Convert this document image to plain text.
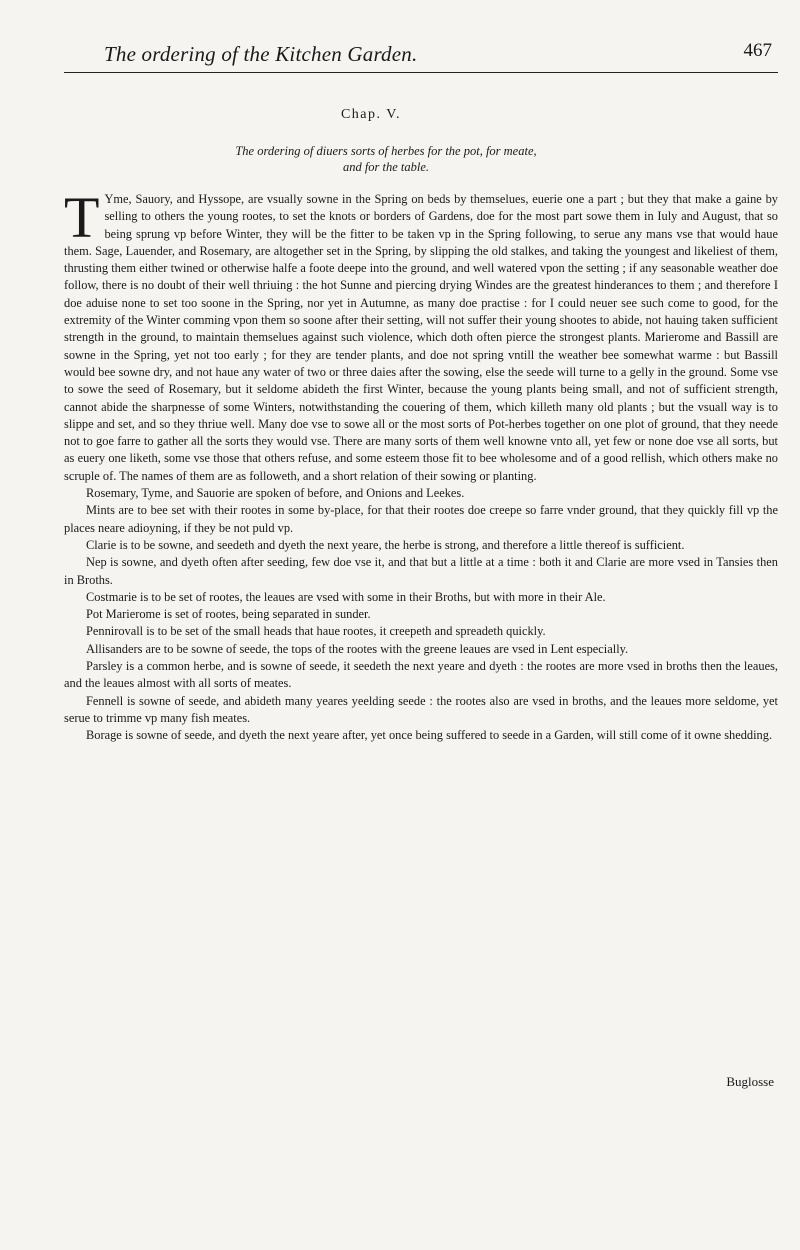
The ordering of the Kitchen Garden.	467
Chap. V.
The ordering of diuers sorts of herbes for the pot, for meate,
and for the table.

T Yme, Sauory, and Hyssope, are vsually sowne in the Spring on beds by themselues, euerie one a part ; but they that make a gaine by selling to others the young rootes, to set the knots or borders of Gardens, doe for the most part sowe them in Iuly and August, that so being sprung vp before Winter, they will be the fitter to be taken vp in the Spring following, to serue any mans vse that would haue them. Sage, Lauender, and Rosemary, are altogether set in the Spring, by slipping the old stalkes, and taking the youngest and likeliest of them, thrusting them either twined or otherwise halfe a foote deepe into the ground, and well watered vpon the setting ; if any seasonable weather doe follow, there is no doubt of their well thriuing : the hot Sunne and piercing drying Windes are the greatest hinderances to them ; and therefore I doe aduise none to set too soone in the Spring, nor yet in Autumne, as many doe practise : for I could neuer see such come to good, for the extremity of the Winter comming vpon them so soone after their setting, will not suffer their young shootes to abide, not hauing taken sufficient strength in the ground, to maintain themselues against such violence, which doth often pierce the strongest plants. Marierome and Bassill are sowne in the Spring, yet not too early ; for they are tender plants, and doe not spring vntill the weather bee somewhat warme : but Bassill would bee sowne dry, and not haue any water of two or three daies after the sowing, else the seede will turne to a gelly in the ground. Some vse to sowe the seed of Rosemary, but it seldome abideth the first Winter, because the young plants being small, and not of sufficient strength, cannot abide the sharpnesse of some Winters, notwithstanding the couering of them, which killeth many old plants ; but the vsuall way is to slippe and set, and so they thriue well. Many doe vse to sowe all or the most sorts of Pot-herbes together on one plot of ground, that they neede not to goe farre to gather all the sorts they would vse. There are many sorts of them well knowne vnto all, yet few or none doe vse all sorts, but as euery one liketh, some vse those that others refuse, and some esteem those fit to bee wholesome and of a good rellish, which others make no scruple of. The names of them are as followeth, and a short relation of their sowing or planting.

Rosemary, Tyme, and Sauorie are spoken of before, and Onions and Leekes.

Mints are to bee set with their rootes in some by-place, for that their rootes doe creepe so farre vnder ground, that they quickly fill vp the places neare adioyning, if they be not puld vp.

Clarie is to be sowne, and seedeth and dyeth the next yeare, the herbe is strong, and therefore a little thereof is sufficient.

Nep is sowne, and dyeth often after seeding, few doe vse it, and that but a little at a time : both it and Clarie are more vsed in Tansies then in Broths.

Costmarie is to be set of rootes, the leaues are vsed with some in their Broths, but with more in their Ale.

Pot Marierome is set of rootes, being separated in sunder.

Pennirovall is to be set of the small heads that haue rootes, it creepeth and spreadeth quickly.

Allisanders are to be sowne of seede, the tops of the rootes with the greene leaues are vsed in Lent especially.

Parsley is a common herbe, and is sowne of seede, it seedeth the next yeare and dyeth : the rootes are more vsed in broths then the leaues, and the leaues almost with all sorts of meates.

Fennell is sowne of seede, and abideth many yeares yeelding seede : the rootes also are vsed in broths, and the leaues more seldome, yet serue to trimme vp many fish meates.

Borage is sowne of seede, and dyeth the next yeare after, yet once being suffered to seede in a Garden, will still come of it owne shedding.

Buglosse
